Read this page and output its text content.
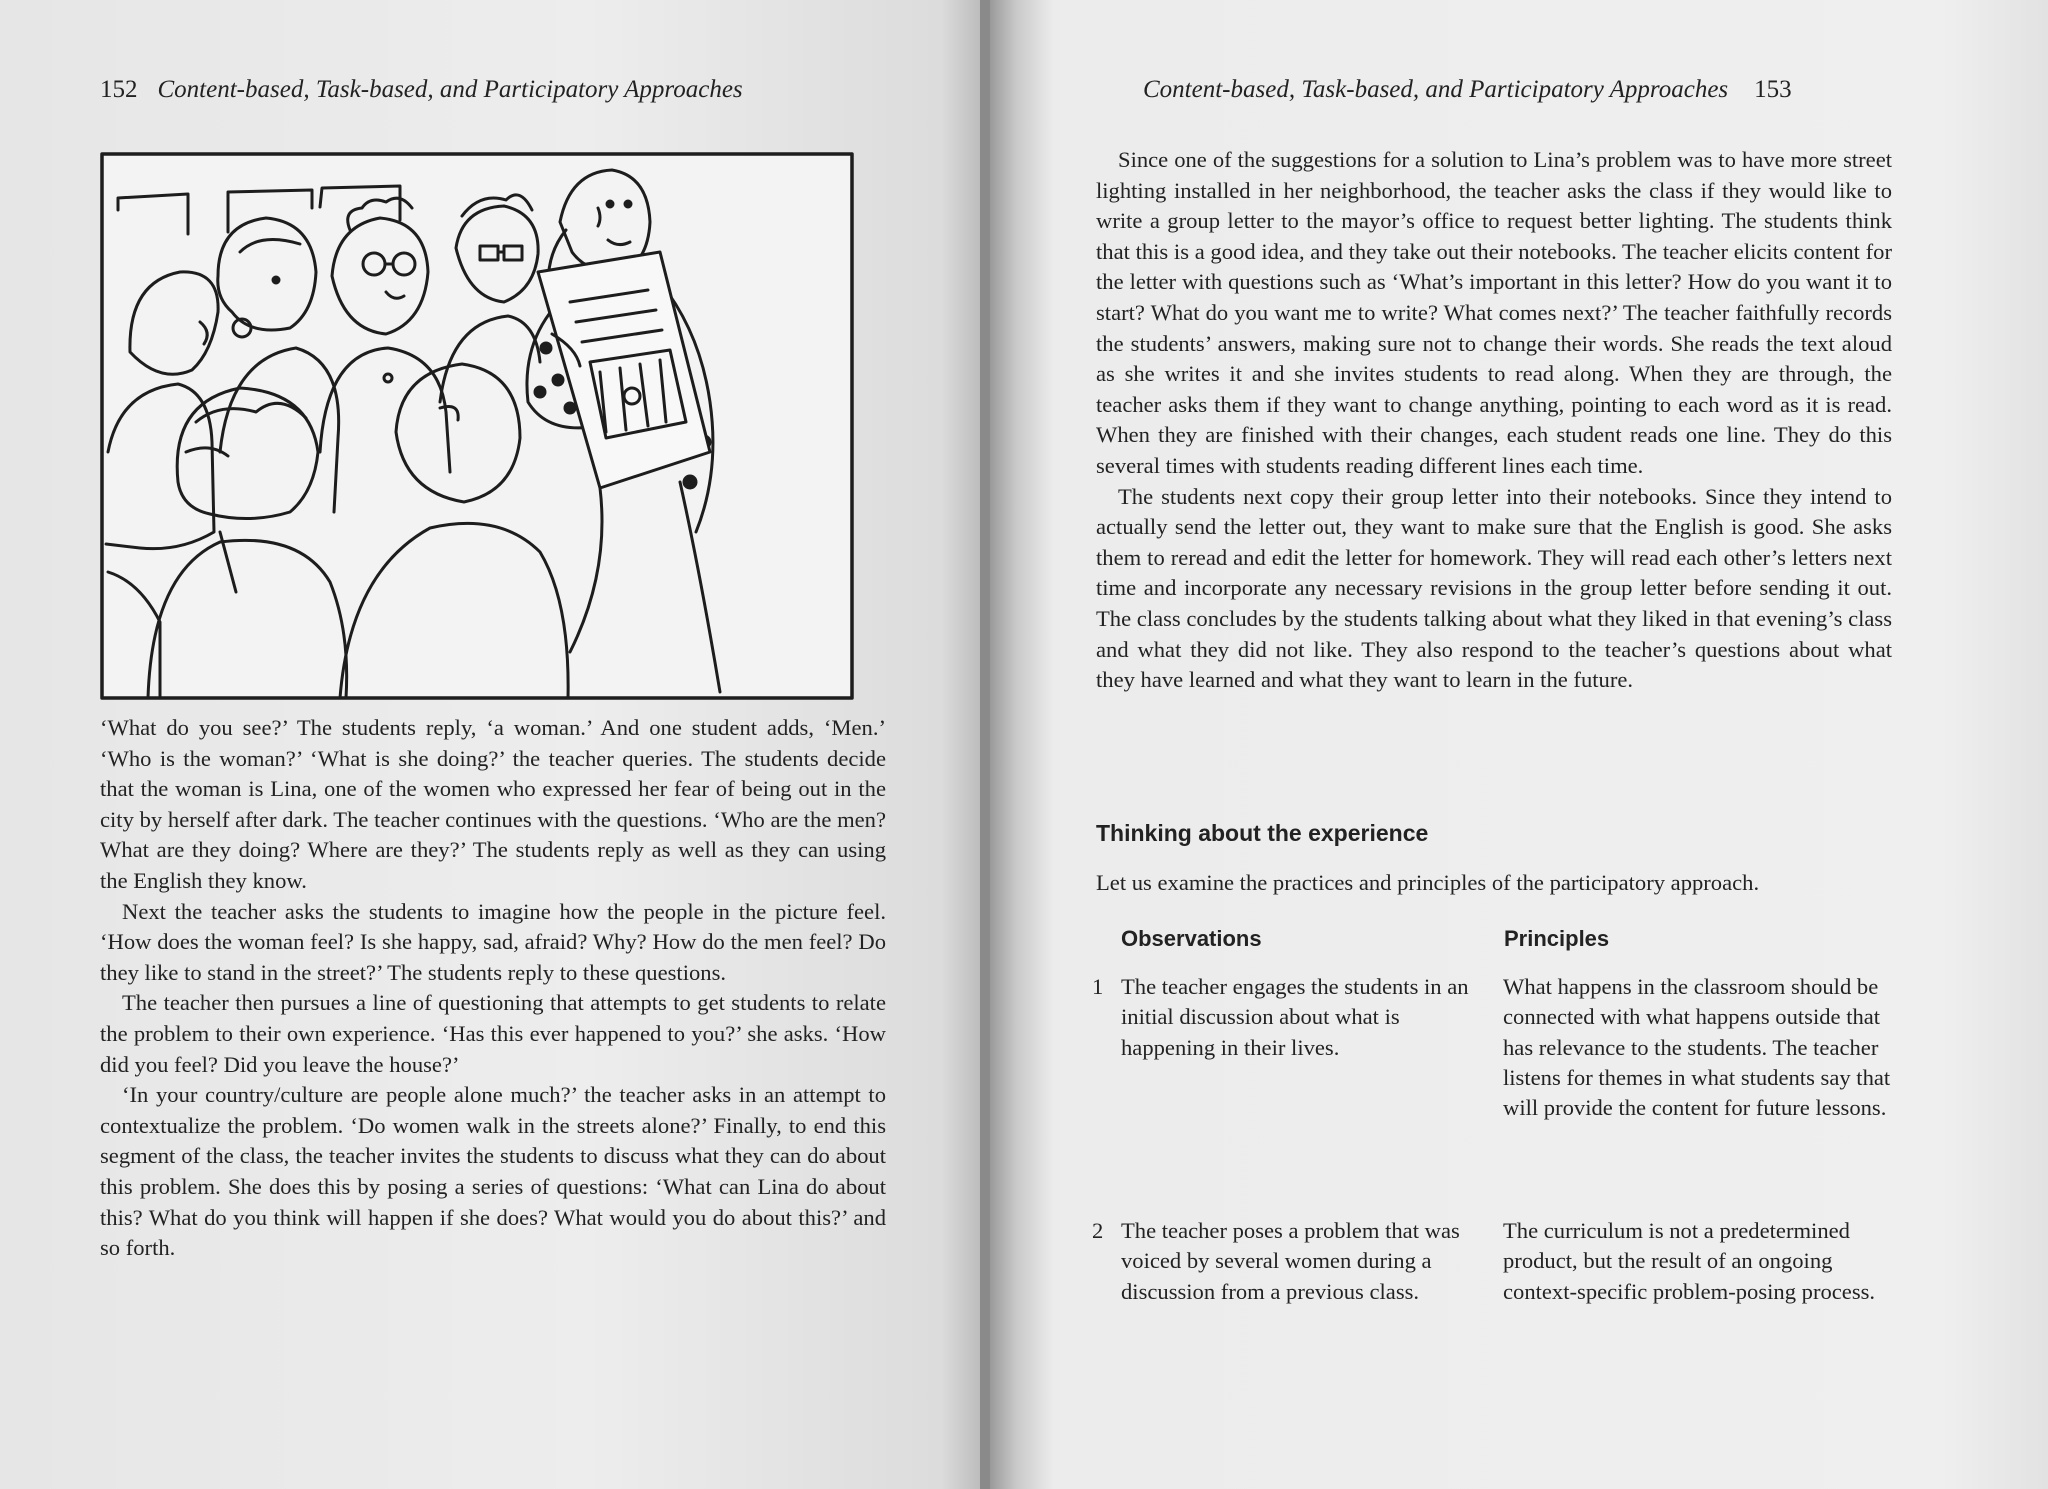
152 Content-based, Task-based, and Participatory Approaches

‘What do you see?’ The students reply, ‘a woman.’ And one student adds, ‘Men.’ ‘Who is the woman?’ ‘What is she doing?’ the teacher queries. The students decide that the woman is Lina, one of the women who expressed her fear of being out in the city by herself after dark. The teacher continues with the questions. ‘Who are the men? What are they doing? Where are they?’ The students reply as well as they can using the English they know.

Next the teacher asks the students to imagine how the people in the picture feel. ‘How does the woman feel? Is she happy, sad, afraid? Why? How do the men feel? Do they like to stand in the street?’ The students reply to these questions.

The teacher then pursues a line of questioning that attempts to get students to relate the problem to their own experience. ‘Has this ever happened to you?’ she asks. ‘How did you feel? Did you leave the house?’

‘In your country/culture are people alone much?’ the teacher asks in an attempt to contextualize the problem. ‘Do women walk in the streets alone?’ Finally, to end this segment of the class, the teacher invites the students to discuss what they can do about this problem. She does this by posing a series of questions: ‘What can Lina do about this? What do you think will happen if she does? What would you do about this?’ and so forth.

Content-based, Task-based, and Participatory Approaches 153

Since one of the suggestions for a solution to Lina’s problem was to have more street lighting installed in her neighborhood, the teacher asks the class if they would like to write a group letter to the mayor’s office to request better lighting. The students think that this is a good idea, and they take out their notebooks. The teacher elicits content for the letter with questions such as ‘What’s important in this letter? How do you want it to start? What do you want me to write? What comes next?’ The teacher faithfully records the students’ answers, making sure not to change their words. She reads the text aloud as she writes it and she invites students to read along. When they are through, the teacher asks them if they want to change anything, pointing to each word as it is read. When they are finished with their changes, each student reads one line. They do this several times with students reading different lines each time.

The students next copy their group letter into their notebooks. Since they intend to actually send the letter out, they want to make sure that the English is good. She asks them to reread and edit the letter for homework. They will read each other’s letters next time and incorporate any necessary revisions in the group letter before sending it out. The class concludes by the students talking about what they liked in that evening’s class and what they did not like. They also respond to the teacher’s questions about what they have learned and what they want to learn in the future.

Thinking about the experience
Let us examine the practices and principles of the participatory approach.
Observations	Principles
1 The teacher engages the students in an initial discussion about what is happening in their lives.
What happens in the classroom should be connected with what happens outside that has relevance to the students. The teacher listens for themes in what students say that will provide the content for future lessons.
2 The teacher poses a problem that was voiced by several women during a discussion from a previous class.
The curriculum is not a predetermined product, but the result of an ongoing context-specific problem-posing process.
